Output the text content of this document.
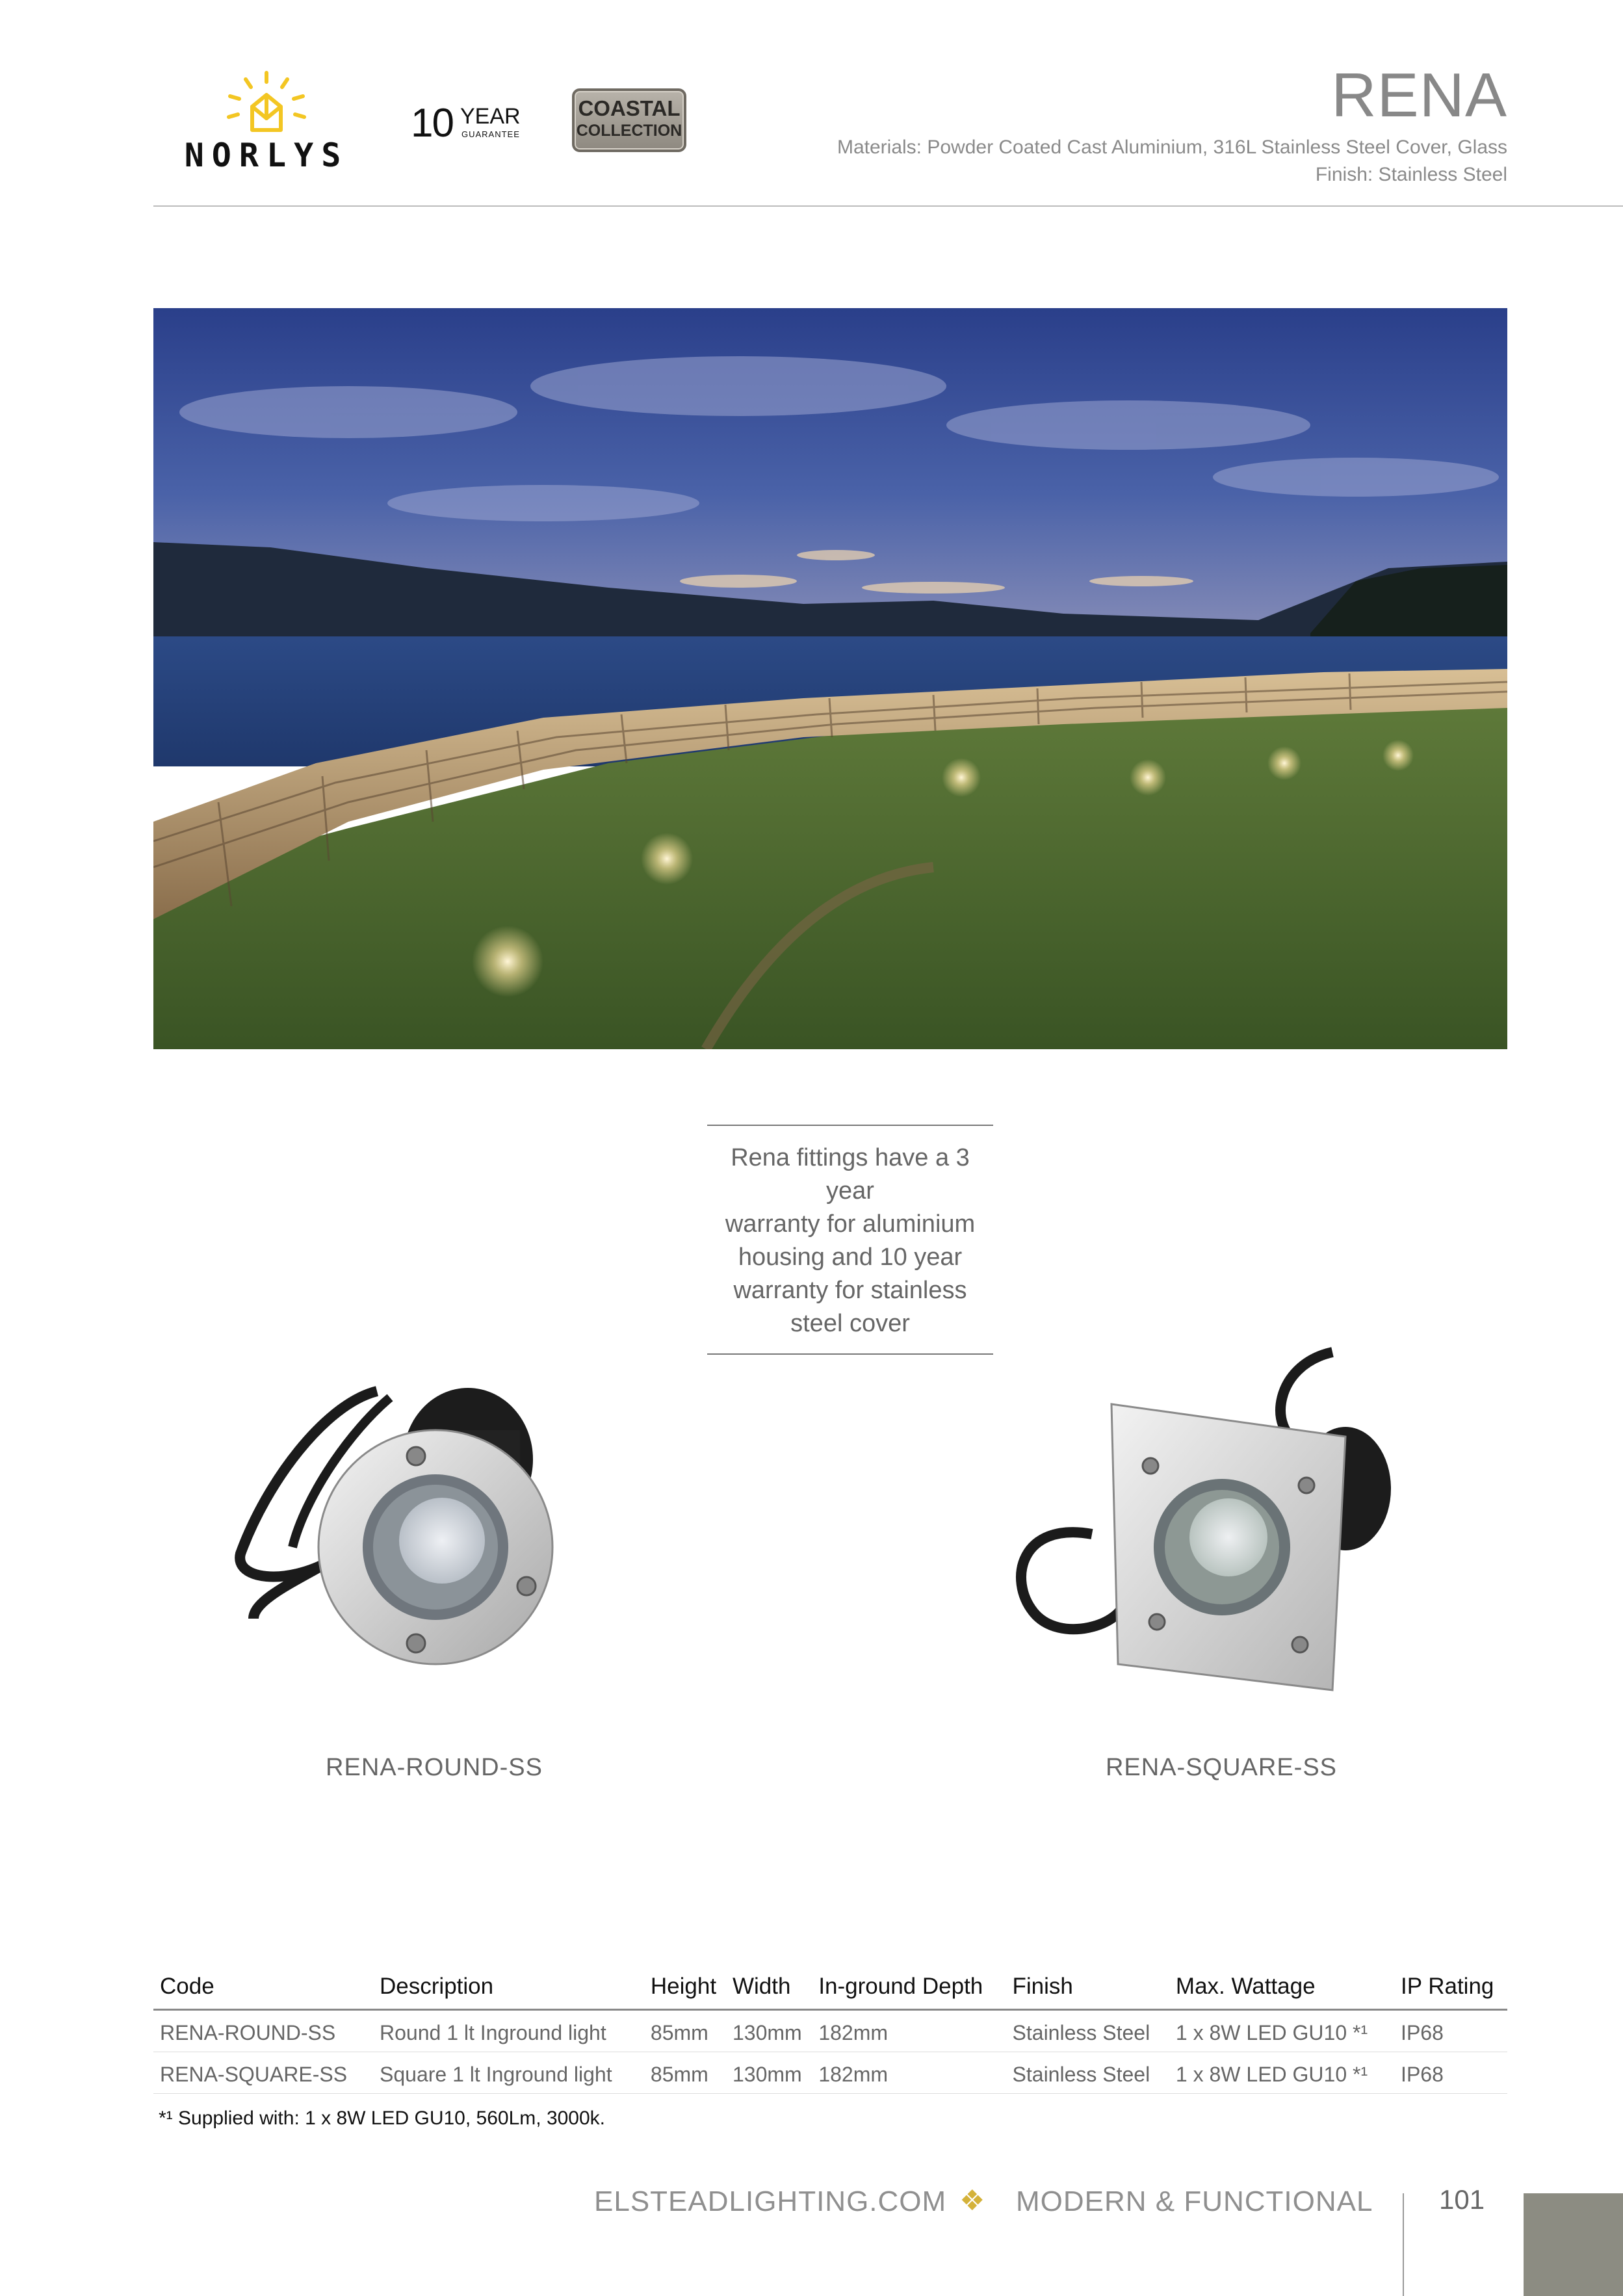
NORLYS
10 YEAR
GUARANTEE
COASTAL
COLLECTION
RENA
Materials: Powder Coated Cast Aluminium, 316L Stainless Steel Cover, Glass
Finish: Stainless Steel
Rena fittings have a 3 year
warranty for aluminium
housing and 10 year
warranty for stainless
steel cover
RENA-ROUND-SS	RENA-SQUARE-SS
Code	Description	Height	Width	In-ground Depth	Finish	Max. Wattage	IP Rating
RENA-ROUND-SS	Round 1 lt Inground light	85mm	130mm	182mm	Stainless Steel	1 x 8W LED GU10 *¹	IP68
RENA-SQUARE-SS	Square 1 lt Inground light	85mm	130mm	182mm	Stainless Steel	1 x 8W LED GU10 *¹	IP68
*¹ Supplied with: 1 x 8W LED GU10, 560Lm, 3000k.
ELSTEADLIGHTING.COM ❖ MODERN & FUNCTIONAL 101
